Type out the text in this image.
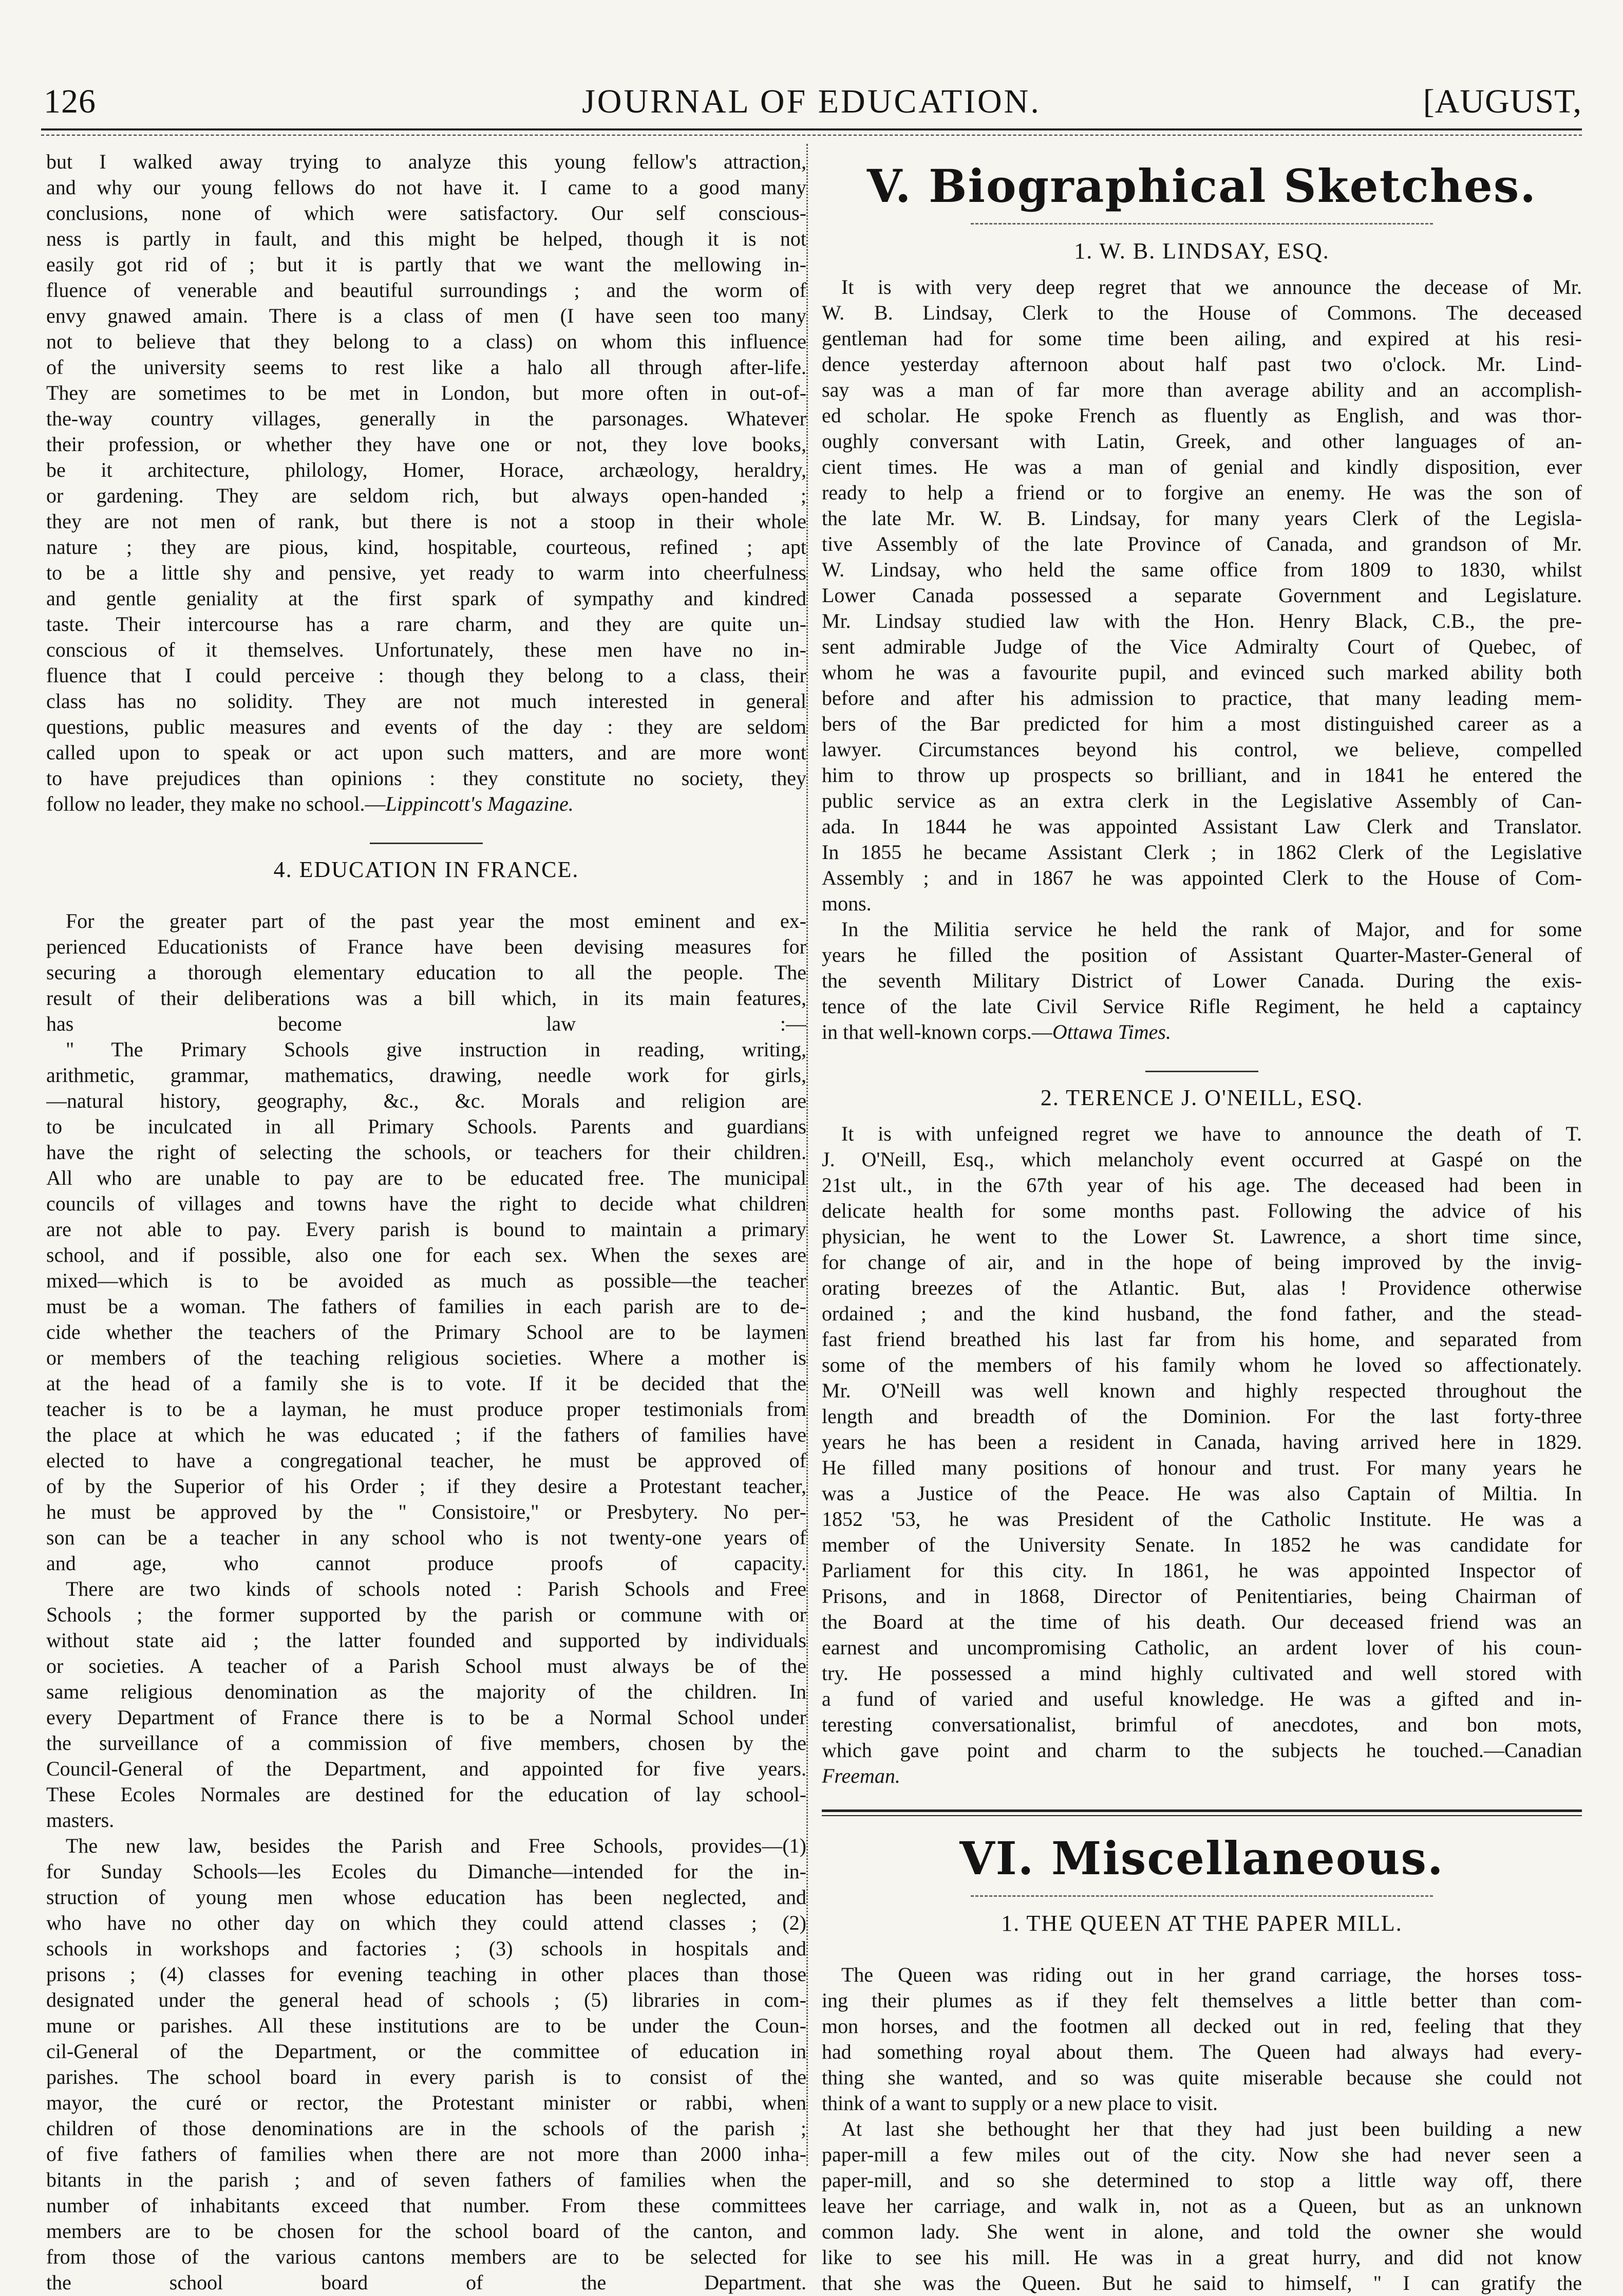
126	JOURNAL OF EDUCATION.	[AUGUST,

but I walked away trying to analyze this young fellow's attraction,

and why our young fellows do not have it. I came to a good many

conclusions, none of which were satisfactory. Our self conscious-

ness is partly in fault, and this might be helped, though it is not

easily got rid of ; but it is partly that we want the mellowing in-

fluence of venerable and beautiful surroundings ; and the worm of

envy gnawed amain. There is a class of men (I have seen too many

not to believe that they belong to a class) on whom this influence

of the university seems to rest like a halo all through after-life.

They are sometimes to be met in London, but more often in out-of-

the-way country villages, generally in the parsonages. Whatever

their profession, or whether they have one or not, they love books,

be it architecture, philology, Homer, Horace, archæology, heraldry,

or gardening. They are seldom rich, but always open-handed ;

they are not men of rank, but there is not a stoop in their whole

nature ; they are pious, kind, hospitable, courteous, refined ; apt

to be a little shy and pensive, yet ready to warm into cheerfulness

and gentle geniality at the first spark of sympathy and kindred

taste. Their intercourse has a rare charm, and they are quite un-

conscious of it themselves. Unfortunately, these men have no in-

fluence that I could perceive : though they belong to a class, their

class has no solidity. They are not much interested in general

questions, public measures and events of the day : they are seldom

called upon to speak or act upon such matters, and are more wont

to have prejudices than opinions : they constitute no society, they

follow no leader, they make no school.—Lippincott's Magazine.

4. EDUCATION IN FRANCE.

For the greater part of the past year the most eminent and ex-

perienced Educationists of France have been devising measures for

securing a thorough elementary education to all the people. The

result of their deliberations was a bill which, in its main features,

has become law :—

" The Primary Schools give instruction in reading, writing,

arithmetic, grammar, mathematics, drawing, needle work for girls,

—natural history, geography, &c., &c. Morals and religion are

to be inculcated in all Primary Schools. Parents and guardians

have the right of selecting the schools, or teachers for their children.

All who are unable to pay are to be educated free. The municipal

councils of villages and towns have the right to decide what children

are not able to pay. Every parish is bound to maintain a primary

school, and if possible, also one for each sex. When the sexes are

mixed—which is to be avoided as much as possible—the teacher

must be a woman. The fathers of families in each parish are to de-

cide whether the teachers of the Primary School are to be laymen

or members of the teaching religious societies. Where a mother is

at the head of a family she is to vote. If it be decided that the

teacher is to be a layman, he must produce proper testimonials from

the place at which he was educated ; if the fathers of families have

elected to have a congregational teacher, he must be approved of

of by the Superior of his Order ; if they desire a Protestant teacher,

he must be approved by the " Consistoire," or Presbytery. No per-

son can be a teacher in any school who is not twenty-one years of

and age, who cannot produce proofs of capacity.

There are two kinds of schools noted : Parish Schools and Free

Schools ; the former supported by the parish or commune with or

without state aid ; the latter founded and supported by individuals

or societies. A teacher of a Parish School must always be of the

same religious denomination as the majority of the children. In

every Department of France there is to be a Normal School under

the surveillance of a commission of five members, chosen by the

Council-General of the Department, and appointed for five years.

These Ecoles Normales are destined for the education of lay school-

masters.

The new law, besides the Parish and Free Schools, provides—(1)

for Sunday Schools—les Ecoles du Dimanche—intended for the in-

struction of young men whose education has been neglected, and

who have no other day on which they could attend classes ; (2)

schools in workshops and factories ; (3) schools in hospitals and

prisons ; (4) classes for evening teaching in other places than those

designated under the general head of schools ; (5) libraries in com-

mune or parishes. All these institutions are to be under the Coun-

cil-General of the Department, or the committee of education in

parishes. The school board in every parish is to consist of the

mayor, the curé or rector, the Protestant minister or rabbi, when

children of those denominations are in the schools of the parish ;

of five fathers of families when there are not more than 2000 inha-

bitants in the parish ; and of seven fathers of families when the

number of inhabitants exceed that number. From these committees

members are to be chosen for the school board of the canton, and

from those of the various cantons members are to be selected for

the school board of the Department.

V. Biographical Sketches.

1. W. B. LINDSAY, ESQ.

It is with very deep regret that we announce the decease of Mr.

W. B. Lindsay, Clerk to the House of Commons. The deceased

gentleman had for some time been ailing, and expired at his resi-

dence yesterday afternoon about half past two o'clock. Mr. Lind-

say was a man of far more than average ability and an accomplish-

ed scholar. He spoke French as fluently as English, and was thor-

oughly conversant with Latin, Greek, and other languages of an-

cient times. He was a man of genial and kindly disposition, ever

ready to help a friend or to forgive an enemy. He was the son of

the late Mr. W. B. Lindsay, for many years Clerk of the Legisla-

tive Assembly of the late Province of Canada, and grandson of Mr.

W. Lindsay, who held the same office from 1809 to 1830, whilst

Lower Canada possessed a separate Government and Legislature.

Mr. Lindsay studied law with the Hon. Henry Black, C.B., the pre-

sent admirable Judge of the Vice Admiralty Court of Quebec, of

whom he was a favourite pupil, and evinced such marked ability both

before and after his admission to practice, that many leading mem-

bers of the Bar predicted for him a most distinguished career as a

lawyer. Circumstances beyond his control, we believe, compelled

him to throw up prospects so brilliant, and in 1841 he entered the

public service as an extra clerk in the Legislative Assembly of Can-

ada. In 1844 he was appointed Assistant Law Clerk and Translator.

In 1855 he became Assistant Clerk ; in 1862 Clerk of the Legislative

Assembly ; and in 1867 he was appointed Clerk to the House of Com-

mons.

In the Militia service he held the rank of Major, and for some

years he filled the position of Assistant Quarter-Master-General of

the seventh Military District of Lower Canada. During the exis-

tence of the late Civil Service Rifle Regiment, he held a captaincy

in that well-known corps.—Ottawa Times.

2. TERENCE J. O'NEILL, ESQ.

It is with unfeigned regret we have to announce the death of T.

J. O'Neill, Esq., which melancholy event occurred at Gaspé on the

21st ult., in the 67th year of his age. The deceased had been in

delicate health for some months past. Following the advice of his

physician, he went to the Lower St. Lawrence, a short time since,

for change of air, and in the hope of being improved by the invig-

orating breezes of the Atlantic. But, alas ! Providence otherwise

ordained ; and the kind husband, the fond father, and the stead-

fast friend breathed his last far from his home, and separated from

some of the members of his family whom he loved so affectionately.

Mr. O'Neill was well known and highly respected throughout the

length and breadth of the Dominion. For the last forty-three

years he has been a resident in Canada, having arrived here in 1829.

He filled many positions of honour and trust. For many years he

was a Justice of the Peace. He was also Captain of Miltia. In

1852 '53, he was President of the Catholic Institute. He was a

member of the University Senate. In 1852 he was candidate for

Parliament for this city. In 1861, he was appointed Inspector of

Prisons, and in 1868, Director of Penitentiaries, being Chairman of

the Board at the time of his death. Our deceased friend was an

earnest and uncompromising Catholic, an ardent lover of his coun-

try. He possessed a mind highly cultivated and well stored with

a fund of varied and useful knowledge. He was a gifted and in-

teresting conversationalist, brimful of anecdotes, and bon mots,

which gave point and charm to the subjects he touched.—Canadian

Freeman.

VI. Miscellaneous.

1. THE QUEEN AT THE PAPER MILL.

The Queen was riding out in her grand carriage, the horses toss-

ing their plumes as if they felt themselves a little better than com-

mon horses, and the footmen all decked out in red, feeling that they

had something royal about them. The Queen had always had every-

thing she wanted, and so was quite miserable because she could not

think of a want to supply or a new place to visit.

At last she bethought her that they had just been building a new

paper-mill a few miles out of the city. Now she had never seen a

paper-mill, and so she determined to stop a little way off, there

leave her carriage, and walk in, not as a Queen, but as an unknown

common lady. She went in alone, and told the owner she would

like to see his mill. He was in a great hurry, and did not know

that she was the Queen. But he said to himself, " I can gratify the
